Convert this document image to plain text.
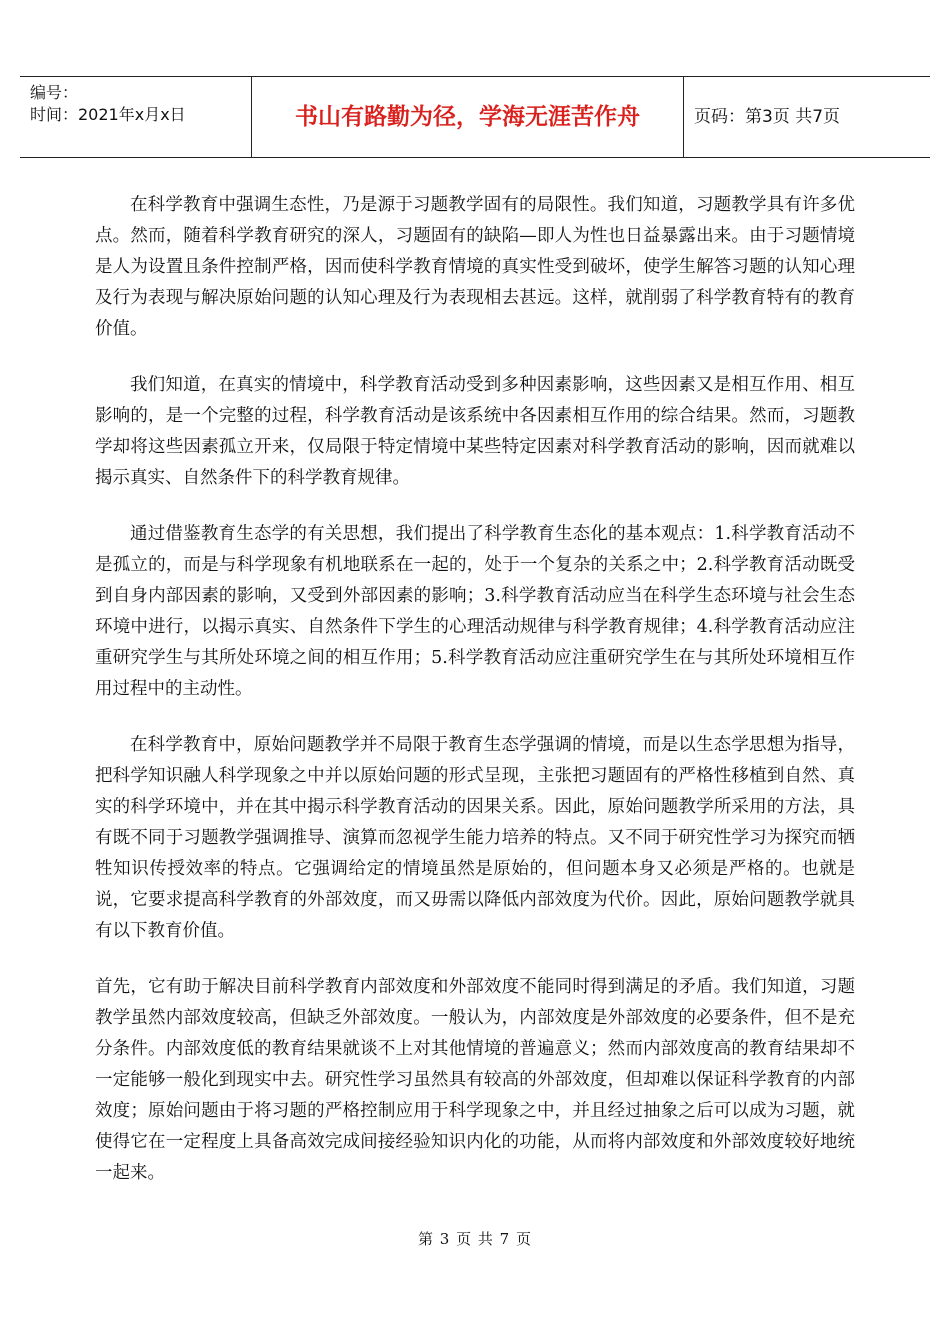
编号：
时间：2021年x月x日	书山有路勤为径，学海无涯苦作舟	页码：第3页 共7页

在科学教育中强调生态性，乃是源于习题教学固有的局限性。我们知道，习题教学具有许多优点。然而，随着科学教育研究的深人，习题固有的缺陷—即人为性也日益暴露出来。由于习题情境是人为设置且条件控制严格，因而使科学教育情境的真实性受到破坏，使学生解答习题的认知心理及行为表现与解决原始问题的认知心理及行为表现相去甚远。这样，就削弱了科学教育特有的教育价值。

我们知道，在真实的情境中，科学教育活动受到多种因素影响，这些因素又是相互作用、相互影响的，是一个完整的过程，科学教育活动是该系统中各因素相互作用的综合结果。然而，习题教学却将这些因素孤立开来，仅局限于特定情境中某些特定因素对科学教育活动的影响，因而就难以揭示真实、自然条件下的科学教育规律。

通过借鉴教育生态学的有关思想，我们提出了科学教育生态化的基本观点：1.科学教育活动不是孤立的，而是与科学现象有机地联系在一起的，处于一个复杂的关系之中；2.科学教育活动既受到自身内部因素的影响，又受到外部因素的影响；3.科学教育活动应当在科学生态环境与社会生态环境中进行，以揭示真实、自然条件下学生的心理活动规律与科学教育规律；4.科学教育活动应注重研究学生与其所处环境之间的相互作用；5.科学教育活动应注重研究学生在与其所处环境相互作用过程中的主动性。

在科学教育中，原始问题教学并不局限于教育生态学强调的情境，而是以生态学思想为指导，把科学知识融人科学现象之中并以原始问题的形式呈现，主张把习题固有的严格性移植到自然、真实的科学环境中，并在其中揭示科学教育活动的因果关系。因此，原始问题教学所采用的方法，具有既不同于习题教学强调推导、演算而忽视学生能力培养的特点。又不同于研究性学习为探究而牺牲知识传授效率的特点。它强调给定的情境虽然是原始的，但问题本身又必须是严格的。也就是说，它要求提高科学教育的外部效度，而又毋需以降低内部效度为代价。因此，原始问题教学就具有以下教育价值。

首先，它有助于解决目前科学教育内部效度和外部效度不能同时得到满足的矛盾。我们知道，习题教学虽然内部效度较高，但缺乏外部效度。一般认为，内部效度是外部效度的必要条件，但不是充分条件。内部效度低的教育结果就谈不上对其他情境的普遍意义；然而内部效度高的教育结果却不一定能够一般化到现实中去。研究性学习虽然具有较高的外部效度，但却难以保证科学教育的内部效度；原始问题由于将习题的严格控制应用于科学现象之中，并且经过抽象之后可以成为习题，就使得它在一定程度上具备高效完成间接经验知识内化的功能，从而将内部效度和外部效度较好地统一起来。

第 3 页 共 7 页
